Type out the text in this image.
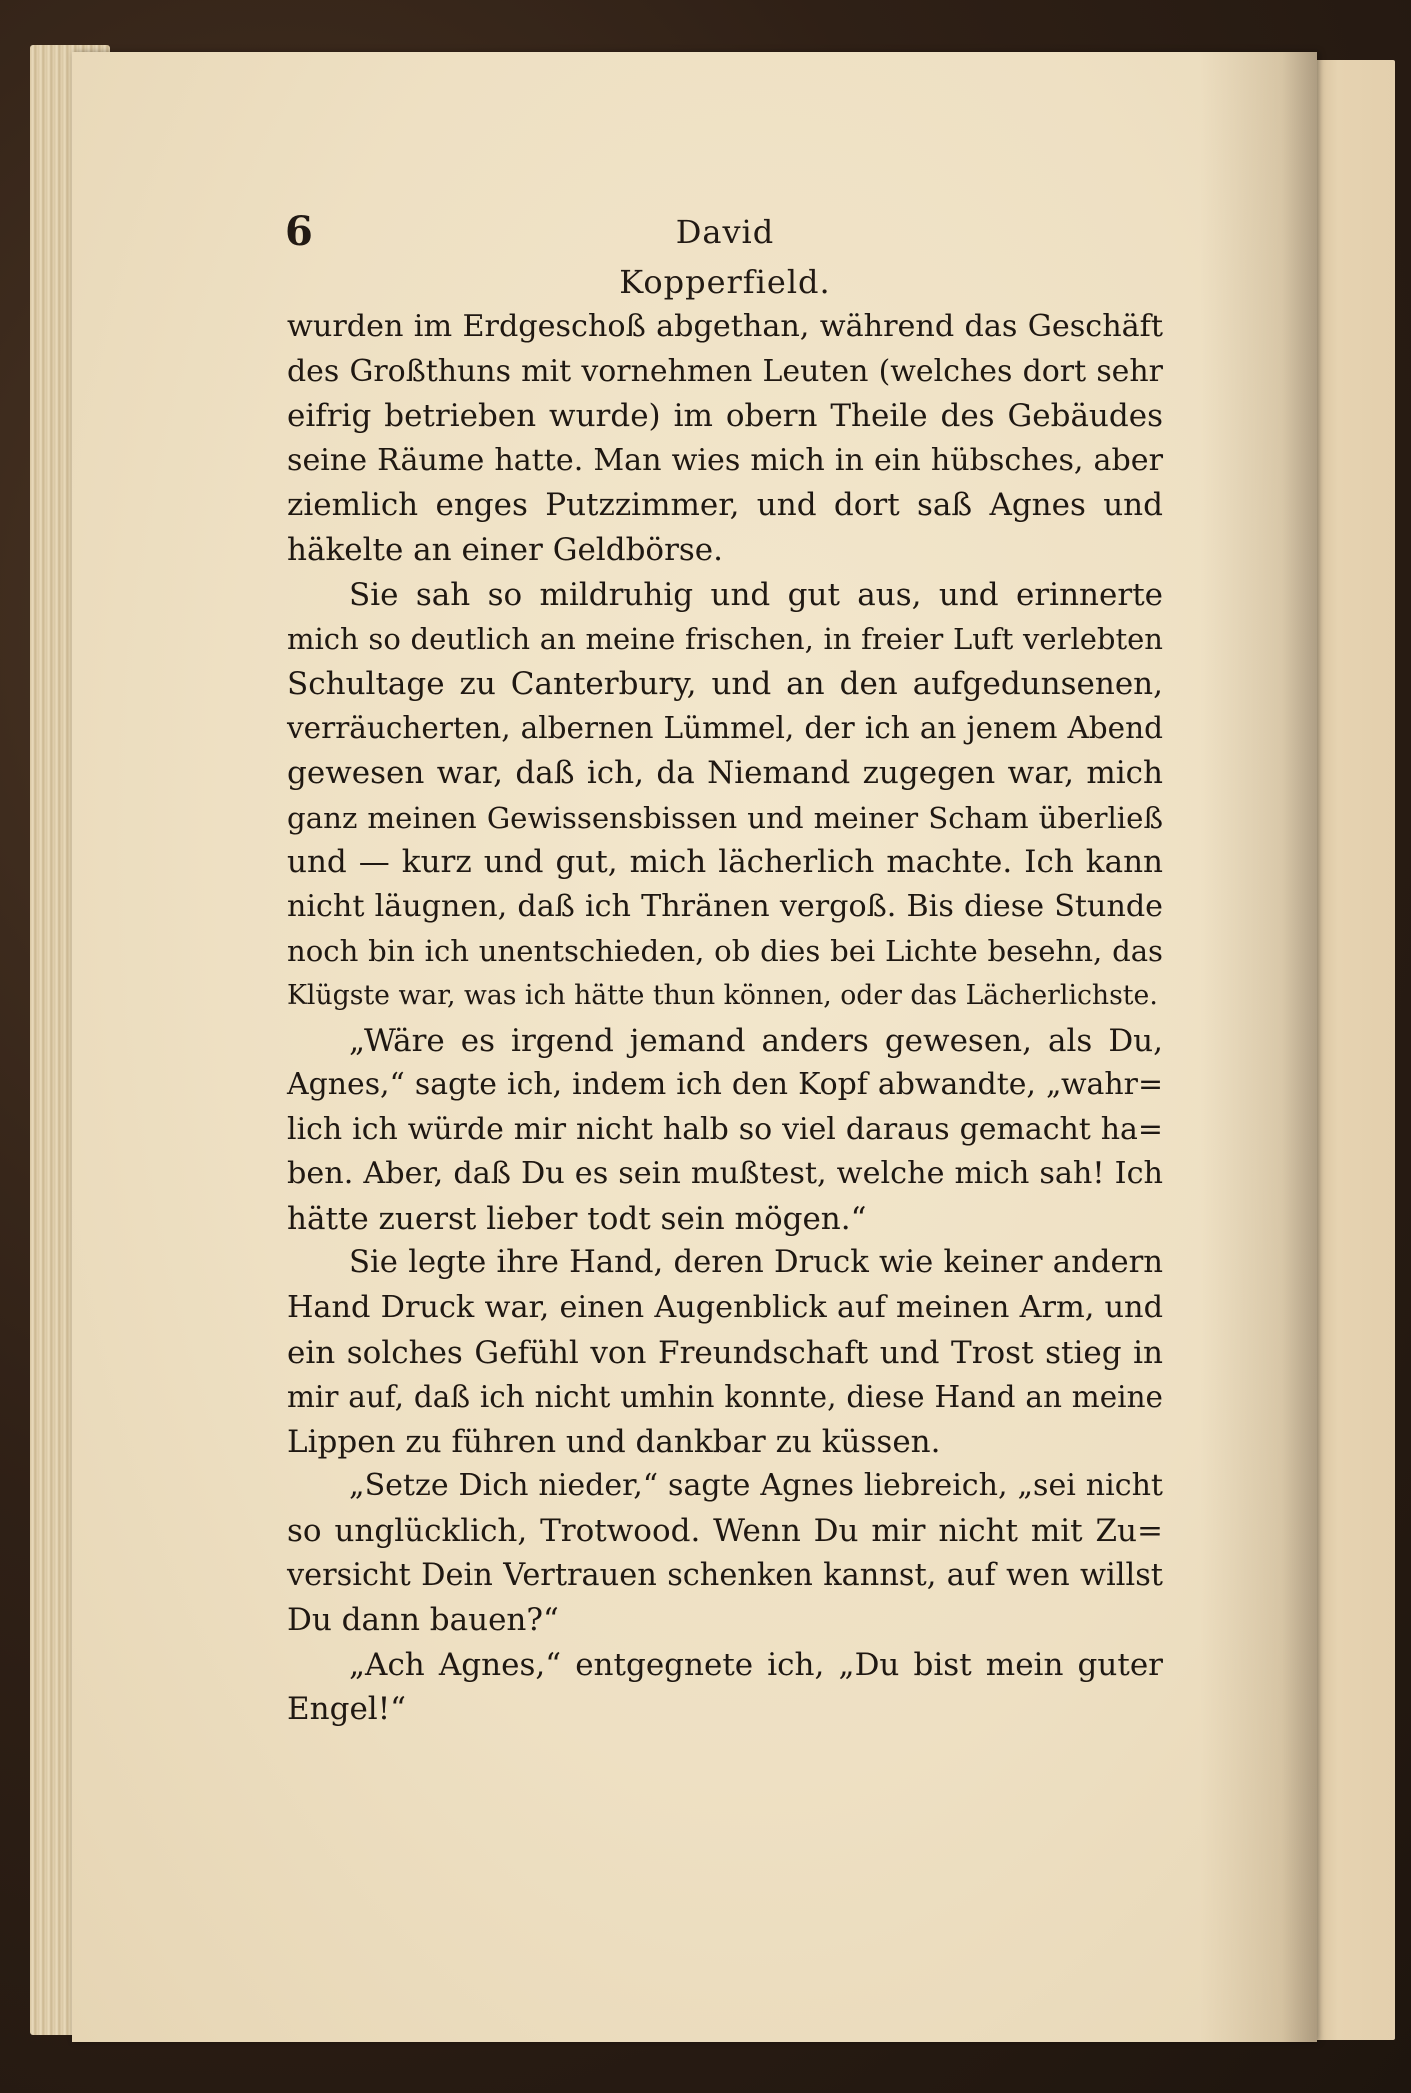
6	David Kopperfield.

wurden im Erdgeschoß abgethan, während das Geschäft
des Großthuns mit vornehmen Leuten (welches dort sehr
eifrig betrieben wurde) im obern Theile des Gebäudes
seine Räume hatte. Man wies mich in ein hübsches, aber
ziemlich enges Putzzimmer, und dort saß Agnes und
häkelte an einer Geldbörse.

Sie sah so mildruhig und gut aus, und erinnerte
mich so deutlich an meine frischen, in freier Luft verlebten
Schultage zu Canterbury, und an den aufgedunsenen,
verräucherten, albernen Lümmel, der ich an jenem Abend
gewesen war, daß ich, da Niemand zugegen war, mich
ganz meinen Gewissensbissen und meiner Scham überließ
und — kurz und gut, mich lächerlich machte. Ich kann
nicht läugnen, daß ich Thränen vergoß. Bis diese Stunde
noch bin ich unentschieden, ob dies bei Lichte besehn, das
Klügste war, was ich hätte thun können, oder das Lächerlichste.

„Wäre es irgend jemand anders gewesen, als Du,
Agnes,“ sagte ich, indem ich den Kopf abwandte, „wahr=
lich ich würde mir nicht halb so viel daraus gemacht ha=
ben. Aber, daß Du es sein mußtest, welche mich sah! Ich
hätte zuerst lieber todt sein mögen.“

Sie legte ihre Hand, deren Druck wie keiner andern
Hand Druck war, einen Augenblick auf meinen Arm, und
ein solches Gefühl von Freundschaft und Trost stieg in
mir auf, daß ich nicht umhin konnte, diese Hand an meine
Lippen zu führen und dankbar zu küssen.

„Setze Dich nieder,“ sagte Agnes liebreich, „sei nicht
so unglücklich, Trotwood. Wenn Du mir nicht mit Zu=
versicht Dein Vertrauen schenken kannst, auf wen willst
Du dann bauen?“

„Ach Agnes,“ entgegnete ich, „Du bist mein guter
Engel!“
